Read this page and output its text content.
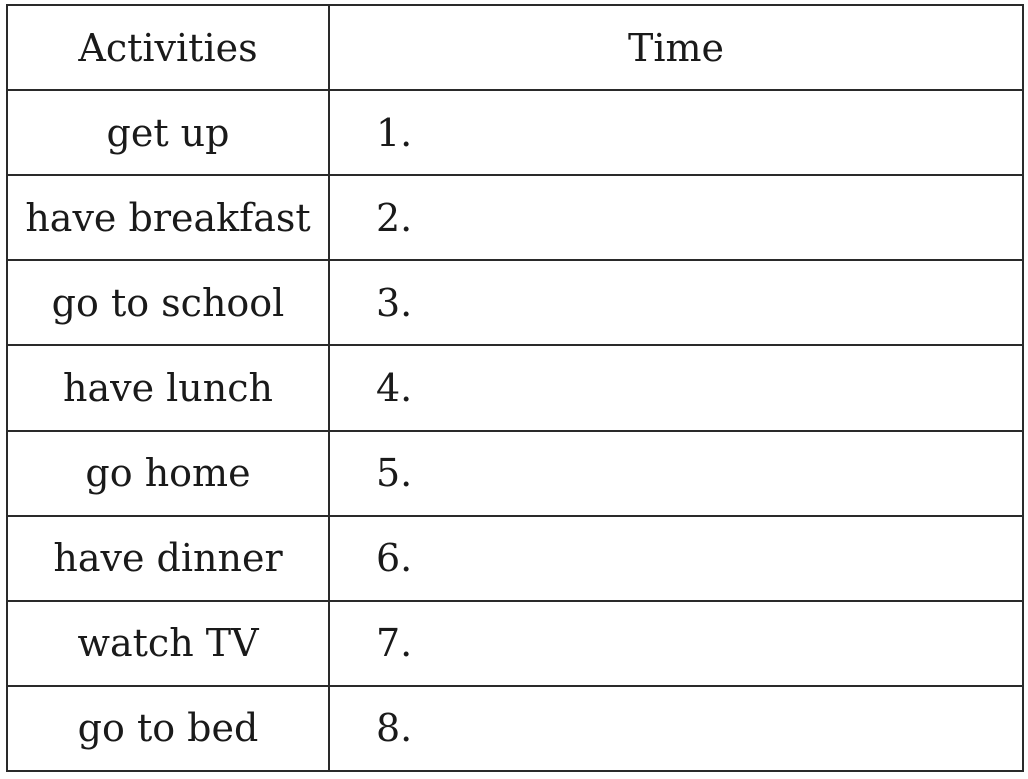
Activities	Time
get up	1.
have breakfast	2.
go to school	3.
have lunch	4.
go home	5.
have dinner	6.
watch TV	7.
go to bed	8.
